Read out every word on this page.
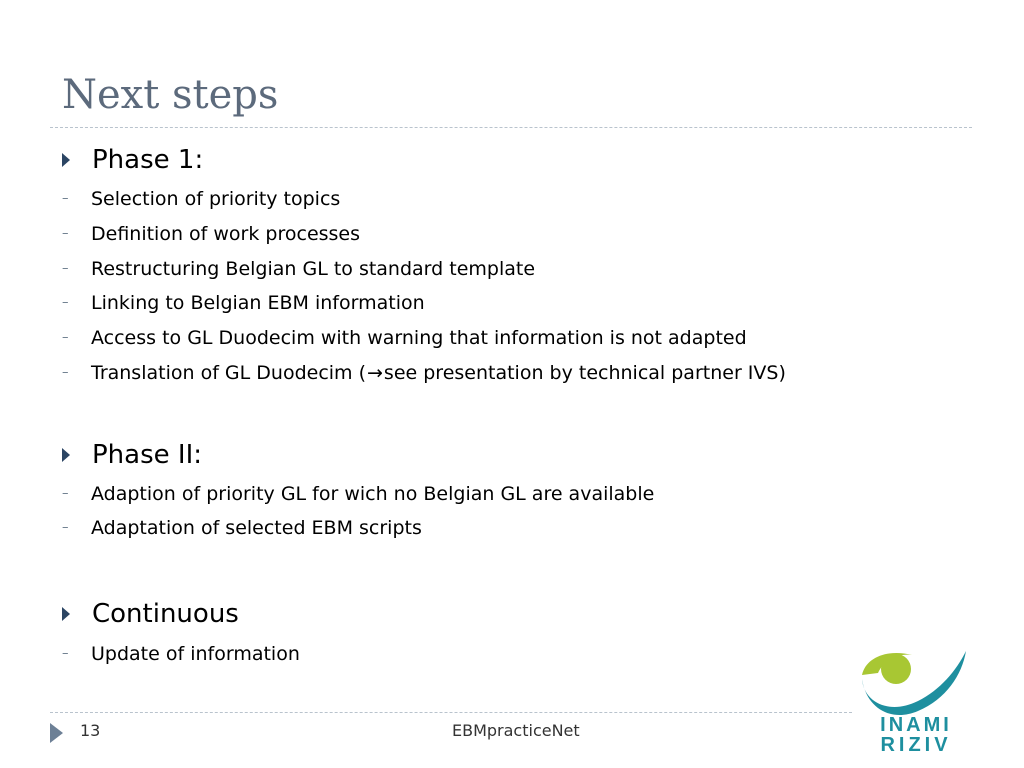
Next steps
Phase 1:
–	Selection of priority topics
–	Definition of work processes
–	Restructuring Belgian GL to standard template
–	Linking to Belgian EBM information
–	Access to GL Duodecim with warning that information is not adapted
–	Translation of GL Duodecim (→see presentation by technical partner IVS)
Phase II:
–	Adaption of priority GL for wich no Belgian GL are available
–	Adaptation of selected EBM scripts
Continuous
–	Update of information
INAMI
RIZIV
13	EBMpracticeNet
